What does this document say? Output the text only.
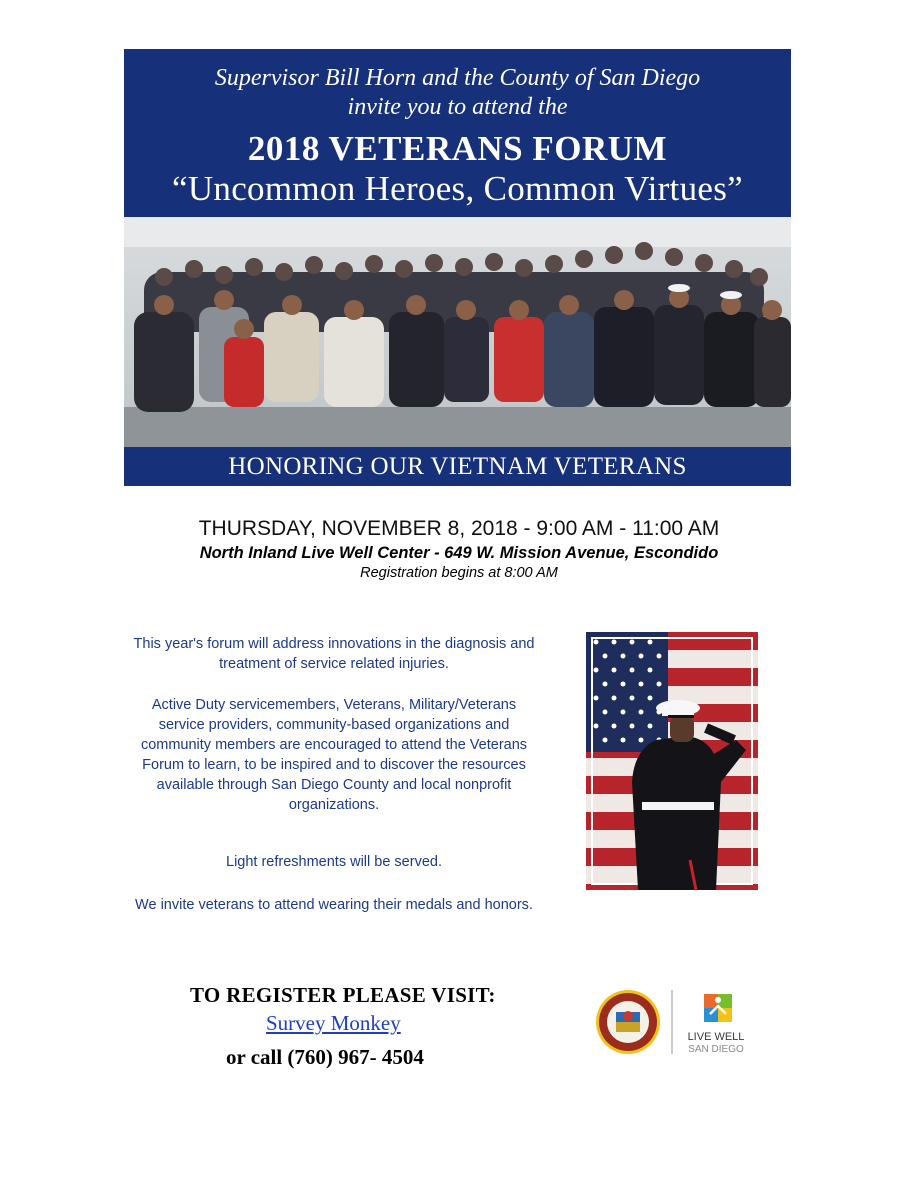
Supervisor Bill Horn and the County of San Diego
invite you to attend the
2018 VETERANS FORUM
“Uncommon Heroes, Common Virtues”
HONORING OUR VIETNAM VETERANS
THURSDAY, NOVEMBER 8, 2018 - 9:00 AM - 11:00 AM
North Inland Live Well Center - 649 W. Mission Avenue, Escondido
Registration begins at 8:00 AM
This year's forum will address innovations in the diagnosis and treatment of service related injuries.
Active Duty servicemembers, Veterans, Military/Veterans service providers, community-based organizations and community members are encouraged to attend the Veterans Forum to learn, to be inspired and to discover the resources available through San Diego County and local nonprofit organizations.
Light refreshments will be served.
We invite veterans to attend wearing their medals and honors.
TO REGISTER PLEASE VISIT:
Survey Monkey
or call (760) 967- 4504
LIVE WELL
SAN DIEGO
